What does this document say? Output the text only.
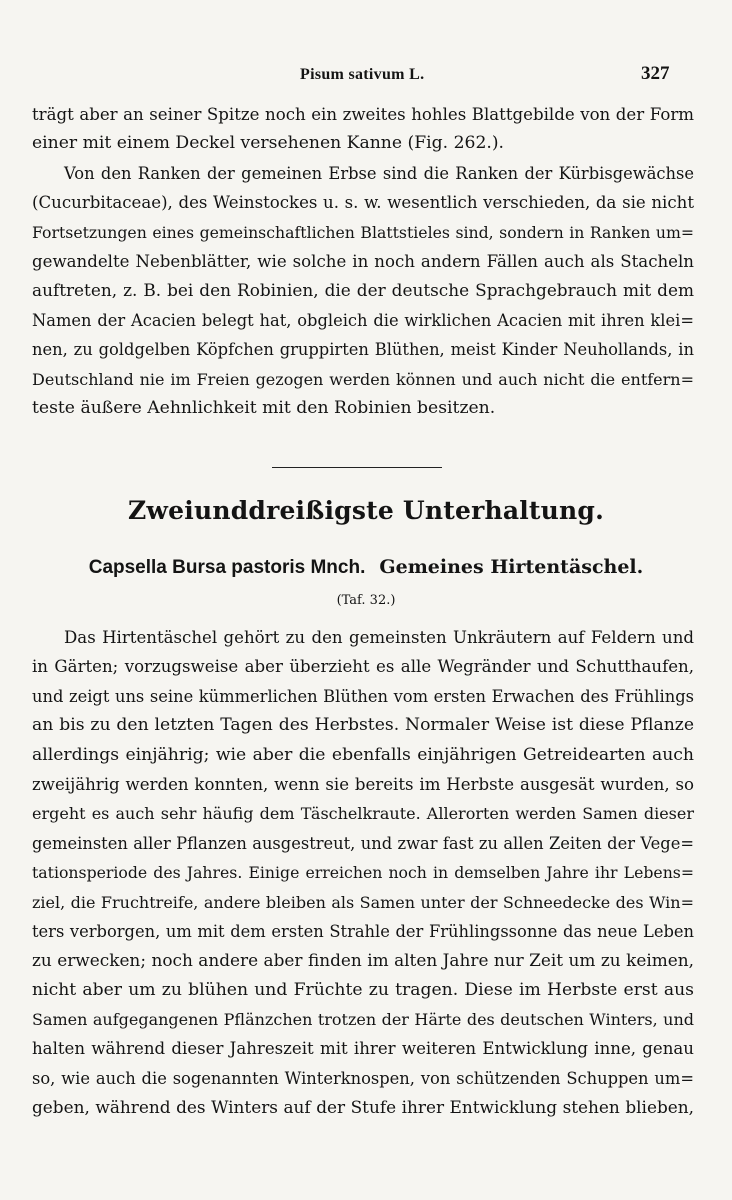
Pisum sativum L.	327
trägt aber an seiner Spitze noch ein zweites hohles Blattgebilde von der Form
einer mit einem Deckel versehenen Kanne (Fig. 262.).
Von den Ranken der gemeinen Erbse sind die Ranken der Kürbisgewächse
(Cucurbitaceae), des Weinstockes u. s. w. wesentlich verschieden, da sie nicht
Fortsetzungen eines gemeinschaftlichen Blattstieles sind, sondern in Ranken um=
gewandelte Nebenblätter, wie solche in noch andern Fällen auch als Stacheln
auftreten, z. B. bei den Robinien, die der deutsche Sprachgebrauch mit dem
Namen der Acacien belegt hat, obgleich die wirklichen Acacien mit ihren klei=
nen, zu goldgelben Köpfchen gruppirten Blüthen, meist Kinder Neuhollands, in
Deutschland nie im Freien gezogen werden können und auch nicht die entfern=
teste äußere Aehnlichkeit mit den Robinien besitzen.
Zweiunddreißigste Unterhaltung.
Capsella Bursa pastoris Mnch. Gemeines Hirtentäschel.
(Taf. 32.)
Das Hirtentäschel gehört zu den gemeinsten Unkräutern auf Feldern und
in Gärten; vorzugsweise aber überzieht es alle Wegränder und Schutthaufen,
und zeigt uns seine kümmerlichen Blüthen vom ersten Erwachen des Frühlings
an bis zu den letzten Tagen des Herbstes. Normaler Weise ist diese Pflanze
allerdings einjährig; wie aber die ebenfalls einjährigen Getreidearten auch
zweijährig werden konnten, wenn sie bereits im Herbste ausgesät wurden, so
ergeht es auch sehr häufig dem Täschelkraute. Allerorten werden Samen dieser
gemeinsten aller Pflanzen ausgestreut, und zwar fast zu allen Zeiten der Vege=
tationsperiode des Jahres. Einige erreichen noch in demselben Jahre ihr Lebens=
ziel, die Fruchtreife, andere bleiben als Samen unter der Schneedecke des Win=
ters verborgen, um mit dem ersten Strahle der Frühlingssonne das neue Leben
zu erwecken; noch andere aber finden im alten Jahre nur Zeit um zu keimen,
nicht aber um zu blühen und Früchte zu tragen. Diese im Herbste erst aus
Samen aufgegangenen Pflänzchen trotzen der Härte des deutschen Winters, und
halten während dieser Jahreszeit mit ihrer weiteren Entwicklung inne, genau
so, wie auch die sogenannten Winterknospen, von schützenden Schuppen um=
geben, während des Winters auf der Stufe ihrer Entwicklung stehen blieben,
